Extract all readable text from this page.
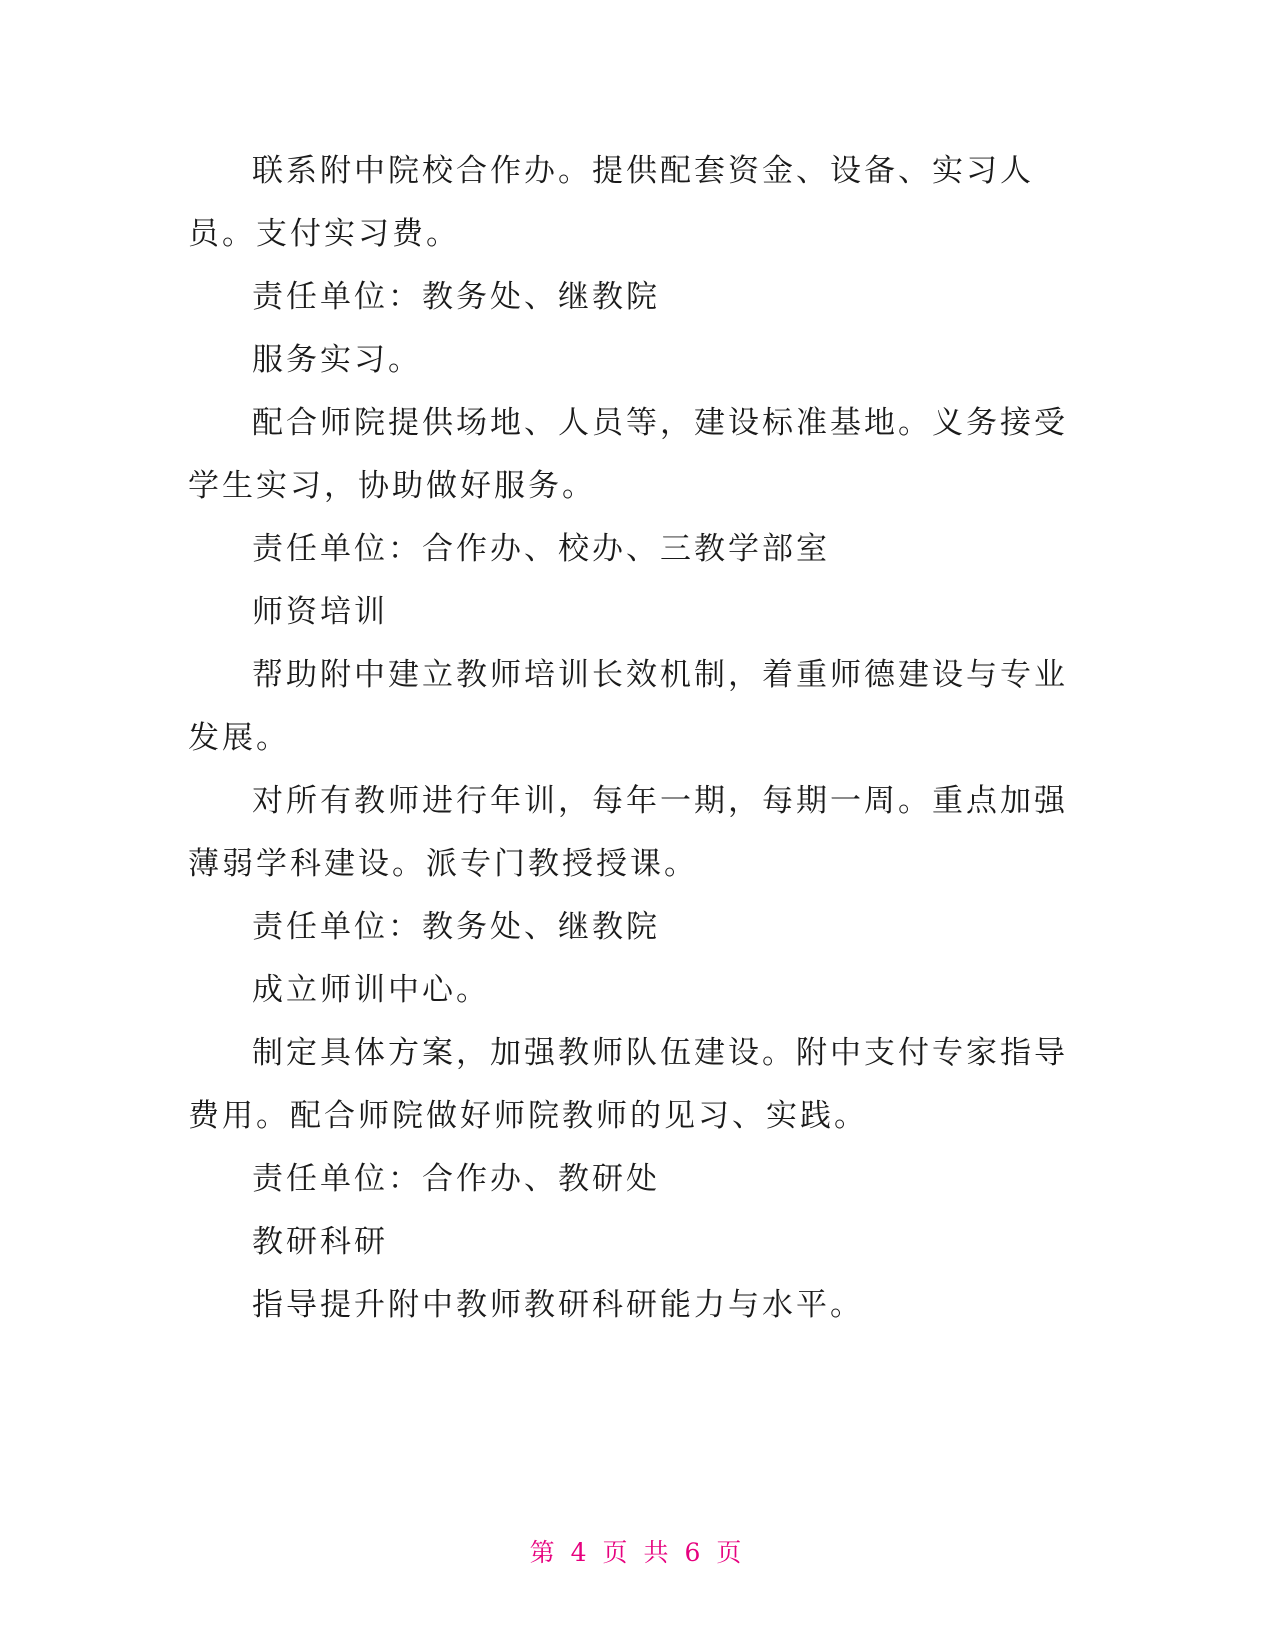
联系附中院校合作办。提供配套资金、设备、实习人员。支付实习费。

责任单位：教务处、继教院

服务实习。

配合师院提供场地、人员等，建设标准基地。义务接受学生实习，协助做好服务。

责任单位：合作办、校办、三教学部室

师资培训

帮助附中建立教师培训长效机制，着重师德建设与专业发展。

对所有教师进行年训，每年一期，每期一周。重点加强薄弱学科建设。派专门教授授课。

责任单位：教务处、继教院

成立师训中心。

制定具体方案，加强教师队伍建设。附中支付专家指导费用。配合师院做好师院教师的见习、实践。

责任单位：合作办、教研处

教研科研

指导提升附中教师教研科研能力与水平。

第 4 页 共 6 页
